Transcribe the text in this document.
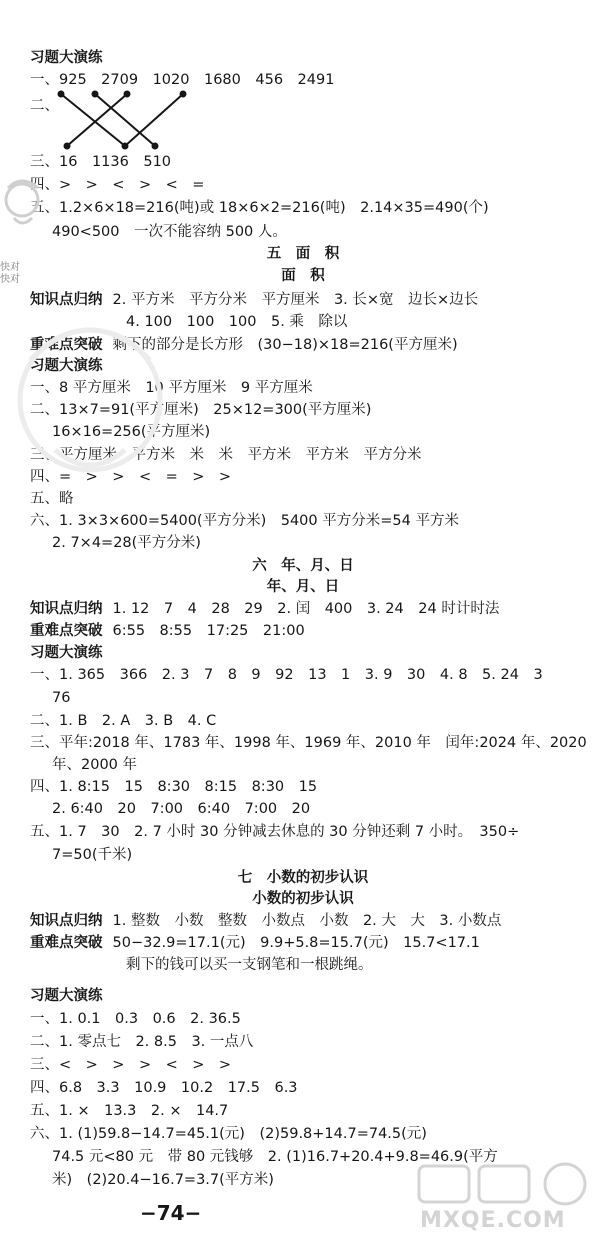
习题大演练
一、925　2709　1020　1680　456　2491
二、
三、16　1136　510
四、>　>　<　>　<　=
五、1.2×6×18=216(吨)或 18×6×2=216(吨)　2.14×35=490(个)
490<500　一次不能容纳 500 人。
五　面　积
面　积
知识点归纳 2. 平方米　平方分米　平方厘米　3. 长×宽　边长×边长
4. 100　100　100　5. 乘　除以
重难点突破 剩下的部分是长方形　(30−18)×18=216(平方厘米)
习题大演练
一、8 平方厘米　10 平方厘米　9 平方厘米
二、13×7=91(平方厘米)　25×12=300(平方厘米)
16×16=256(平方厘米)
三、平方厘米　平方米　米　米　平方米　平方米　平方分米
四、=　>　>　<　=　>　>
五、略
六、1. 3×3×600=5400(平方分米)　5400 平方分米=54 平方米
2. 7×4=28(平方分米)
六　年、月、日
年、月、日
知识点归纳 1. 12　7　4　28　29　2. 闰　400　3. 24　24 时计时法
重难点突破 6:55　8:55　17:25　21:00
习题大演练
一、1. 365　366　2. 3　7　8　9　92　13　1　3. 9　30　4. 8　5. 24　3
76
二、1. B　2. A　3. B　4. C
三、平年:2018 年、1783 年、1998 年、1969 年、2010 年　闰年:2024 年、2020
年、2000 年
四、1. 8:15　15　8:30　8:15　8:30　15
2. 6:40　20　7:00　6:40　7:00　20
五、1. 7　30　2. 7 小时 30 分钟减去休息的 30 分钟还剩 7 小时。　350÷
7=50(千米)
七　小数的初步认识
小数的初步认识
知识点归纳 1. 整数　小数　整数　小数点　小数　2. 大　大　3. 小数点
重难点突破 50−32.9=17.1(元)　9.9+5.8=15.7(元)　15.7<17.1
剩下的钱可以买一支钢笔和一根跳绳。
习题大演练
一、1. 0.1　0.3　0.6　2. 36.5
二、1. 零点七　2. 8.5　3. 一点八
三、<　>　>　>　<　>　>
四、6.8　3.3　10.9　10.2　17.5　6.3
五、1. ×　13.3　2. ×　14.7
六、1. (1)59.8−14.7=45.1(元)　(2)59.8+14.7=74.5(元)
74.5 元<80 元　带 80 元钱够　2. (1)16.7+20.4+9.8=46.9(平方
米)　(2)20.4−16.7=3.7(平方米)
−74−
快对
快对
MXQE.COM
